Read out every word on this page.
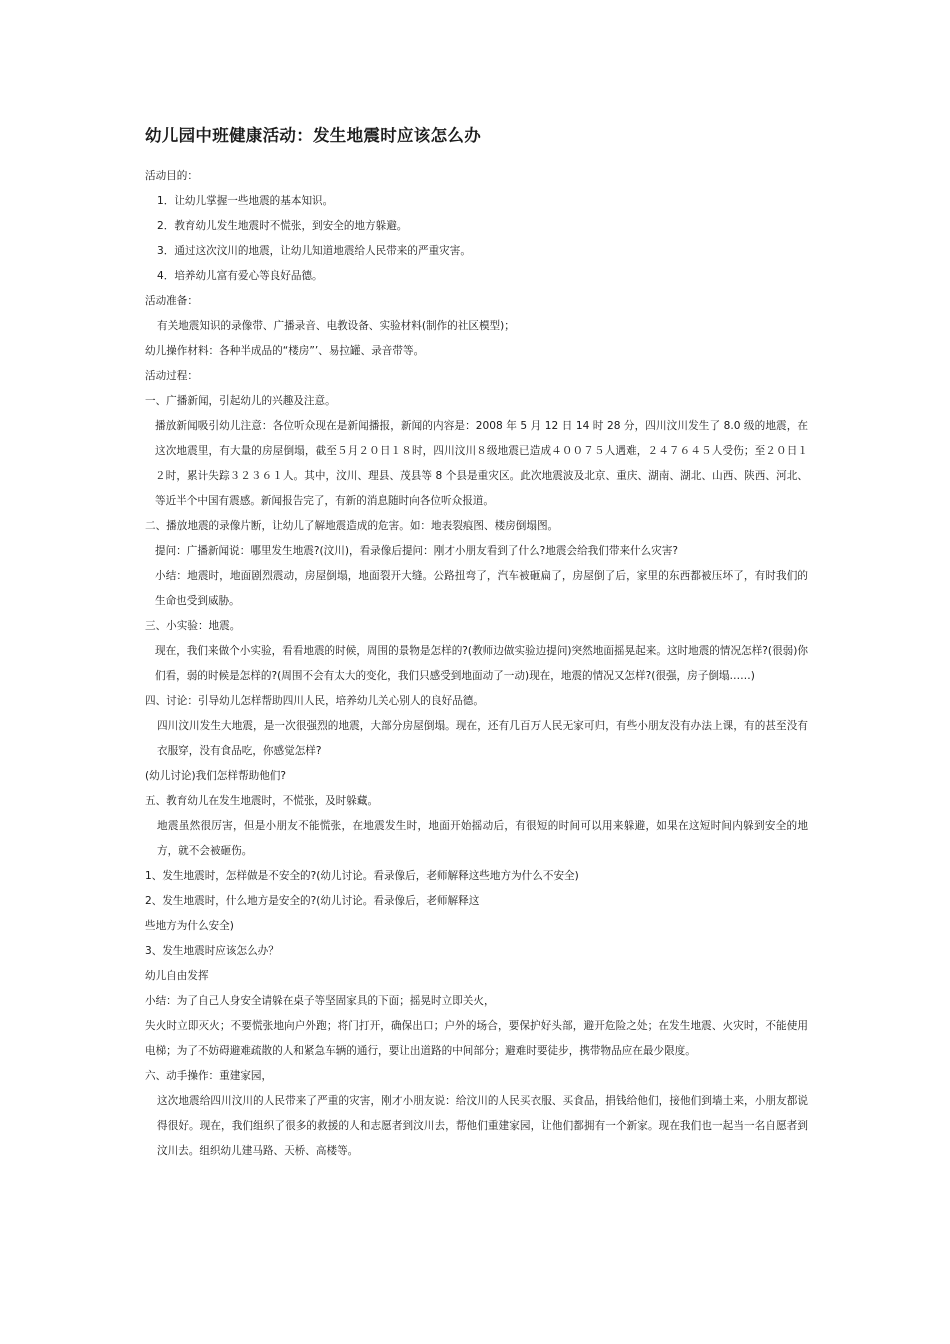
幼儿园中班健康活动：发生地震时应该怎么办

活动目的：

1．让幼儿掌握一些地震的基本知识。

2．教育幼儿发生地震时不慌张，到安全的地方躲避。

3．通过这次汶川的地震，让幼儿知道地震给人民带来的严重灾害。

4．培养幼儿富有爱心等良好品德。

活动准备：

有关地震知识的录像带、广播录音、电教设备、实验材料(制作的社区模型)；

幼儿操作材料：各种半成品的“楼房”’、易拉罐、录音带等。

活动过程：

一、广播新闻，引起幼儿的兴趣及注意。

播放新闻吸引幼儿注意：各位听众现在是新闻播报，新闻的内容是：2008 年 5 月 12 日 14 时 28 分，四川汶川发生了 8.0 级的地震，在这次地震里，有大量的房屋倒塌，截至５月２０日１８时，四川汶川８级地震已造成４００７５人遇难，２４７６４５人受伤；至２０日１２时，累计失踪３２３６１人。其中，汶川、理县、茂县等 8 个县是重灾区。此次地震波及北京、重庆、湖南、湖北、山西、陕西、河北、等近半个中国有震感。新闻报告完了，有新的消息随时向各位听众报道。

二、播放地震的录像片断，让幼儿了解地震造成的危害。如：地表裂痕图、楼房倒塌图。

提问：广播新闻说：哪里发生地震?(汶川)，看录像后提问：刚才小朋友看到了什么?地震会给我们带来什么灾害?

小结：地震时，地面剧烈震动，房屋倒塌，地面裂开大缝。公路扭弯了，汽车被砸扁了，房屋倒了后，家里的东西都被压坏了，有时我们的生命也受到威胁。

三、小实验：地震。

现在，我们来做个小实验，看看地震的时候，周围的景物是怎样的?(教师边做实验边提问)突然地面摇晃起来。这时地震的情况怎样?(很弱)你们看，弱的时候是怎样的?(周围不会有太大的变化，我们只感受到地面动了一动)现在，地震的情况又怎样?(很强，房子倒塌……)

四、讨论：引导幼儿怎样帮助四川人民，培养幼儿关心别人的良好品德。

四川汶川发生大地震，是一次很强烈的地震，大部分房屋倒塌。现在，还有几百万人民无家可归，有些小朋友没有办法上课，有的甚至没有衣服穿，没有食品吃，你感觉怎样?

(幼儿讨论)我们怎样帮助他们?

五、教育幼儿在发生地震时，不慌张，及时躲藏。

地震虽然很厉害，但是小朋友不能慌张，在地震发生时，地面开始摇动后，有很短的时间可以用来躲避，如果在这短时间内躲到安全的地方，就不会被砸伤。

1、发生地震时，怎样做是不安全的?(幼儿讨论。看录像后，老师解释这些地方为什么不安全)

2、发生地震时，什么地方是安全的?(幼儿讨论。看录像后，老师解释这

些地方为什么安全)

3、发生地震时应该怎么办？

幼儿自由发挥

小结：为了自己人身安全请躲在桌子等坚固家具的下面；摇晃时立即关火，

失火时立即灭火；不要慌张地向户外跑；将门打开，确保出口；户外的场合，要保护好头部，避开危险之处；在发生地震、火灾时，不能使用电梯；为了不妨碍避难疏散的人和紧急车辆的通行，要让出道路的中间部分；避难时要徒步，携带物品应在最少限度。

六、动手操作：重建家园，

这次地震给四川汶川的人民带来了严重的灾害，刚才小朋友说：给汶川的人民买衣服、买食品，捐钱给他们，接他们到墙土来，小朋友都说得很好。现在，我们组织了很多的救援的人和志愿者到汶川去，帮他们重建家园，让他们都拥有一个新家。现在我们也一起当一名自愿者到汶川去。组织幼儿建马路、天桥、高楼等。
